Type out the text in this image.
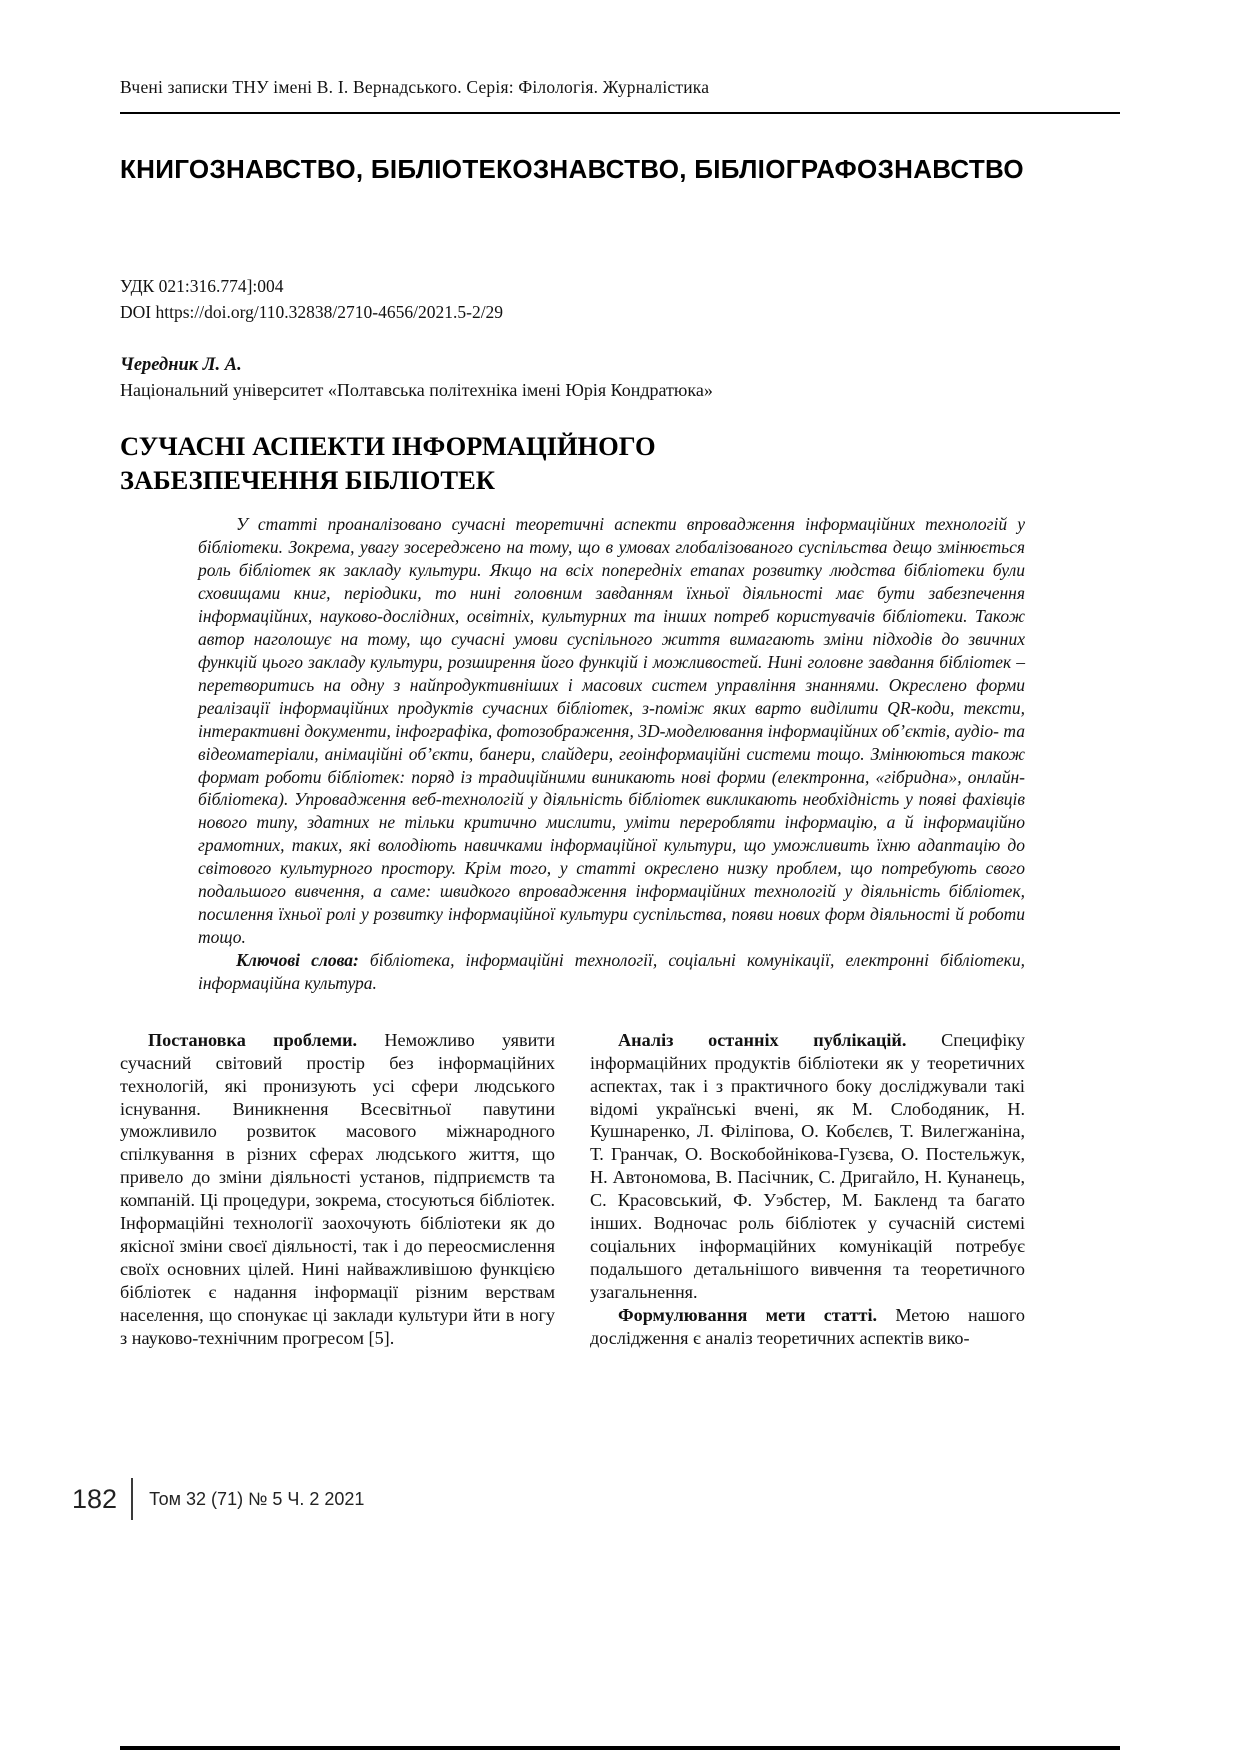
Вчені записки ТНУ імені В. І. Вернадського. Серія: Філологія. Журналістика
КНИГОЗНАВСТВО, БІБЛІОТЕКОЗНАВСТВО, БІБЛІОГРАФОЗНАВСТВО
УДК 021:316.774]:004
DOI https://doi.org/110.32838/2710-4656/2021.5-2/29
Чередник Л. А.
Національний університет «Полтавська політехніка імені Юрія Кондратюка»
СУЧАСНІ АСПЕКТИ ІНФОРМАЦІЙНОГО
ЗАБЕЗПЕЧЕННЯ БІБЛІОТЕК

У статті проаналізовано сучасні теоретичні аспекти впровадження інформаційних технологій у бібліотеки. Зокрема, увагу зосереджено на тому, що в умовах глобалізованого суспільства дещо змінюється роль бібліотек як закладу культури. Якщо на всіх попередніх етапах розвитку людства бібліотеки були сховищами книг, періодики, то нині головним завданням їхньої діяльності має бути забезпечення інформаційних, науково-дослідних, освітніх, культурних та інших потреб користувачів бібліотеки. Також автор наголошує на тому, що сучасні умови суспільного життя вимагають зміни підходів до звичних функцій цього закладу культури, розширення його функцій і можливостей. Нині головне завдання бібліотек – перетворитись на одну з найпродуктивніших і масових систем управління знаннями. Окреслено форми реалізації інформаційних продуктів сучасних бібліотек, з-поміж яких варто виділити QR-коди, тексти, інтерактивні документи, інфографіка, фотозображення, 3D-моделювання інформаційних об’єктів, аудіо- та відеоматеріали, анімаційні об’єкти, банери, слайдери, геоінформаційні системи тощо. Змінюються також формат роботи бібліотек: поряд із традиційними виникають нові форми (електронна, «гібридна», онлайн-бібліотека). Упровадження веб-технологій у діяльність бібліотек викликають необхідність у появі фахівців нового типу, здатних не тільки критично мислити, уміти переробляти інформацію, а й інформаційно грамотних, таких, які володіють навичками інформаційної культури, що уможливить їхню адаптацію до світового культурного простору. Крім того, у статті окреслено низку проблем, що потребують свого подальшого вивчення, а саме: швидкого впровадження інформаційних технологій у діяльність бібліотек, посилення їхньої ролі у розвитку інформаційної культури суспільства, появи нових форм діяльності й роботи тощо.

Ключові слова: бібліотека, інформаційні технології, соціальні комунікації, електронні бібліотеки, інформаційна культура.

Постановка проблеми. Неможливо уявити сучасний світовий простір без інформаційних технологій, які пронизують усі сфери людського існування. Виникнення Всесвітньої павутини уможливило розвиток масового міжнародного спілкування в різних сферах людського життя, що привело до зміни діяльності установ, підприємств та компаній. Ці процедури, зокрема, стосуються бібліотек. Інформаційні технології заохочують бібліотеки як до якісної зміни своєї діяльності, так і до переосмислення своїх основних цілей. Нині найважливішою функцією бібліотек є надання інформації різним верствам населення, що спонукає ці заклади культури йти в ногу з науково-технічним прогресом [5].

Аналіз останніх публікацій. Специфіку інформаційних продуктів бібліотеки як у теоретичних аспектах, так і з практичного боку досліджували такі відомі українські вчені, як М. Слободяник, Н. Кушнаренко, Л. Філіпова, О. Кобєлєв, Т. Вилегжаніна, Т. Гранчак, О. Воскобойнікова-Гузєва, О. Постельжук, Н. Автономова, В. Пасічник, С. Дригайло, Н. Кунанець, С. Красовський, Ф. Уэбстер, М. Бакленд та багато інших. Водночас роль бібліотек у сучасній системі соціальних інформаційних комунікацій потребує подальшого детальнішого вивчення та теоретичного узагальнення.

Формулювання мети статті. Метою нашого дослідження є аналіз теоретичних аспектів вико-

182 Том 32 (71) № 5 Ч. 2 2021
